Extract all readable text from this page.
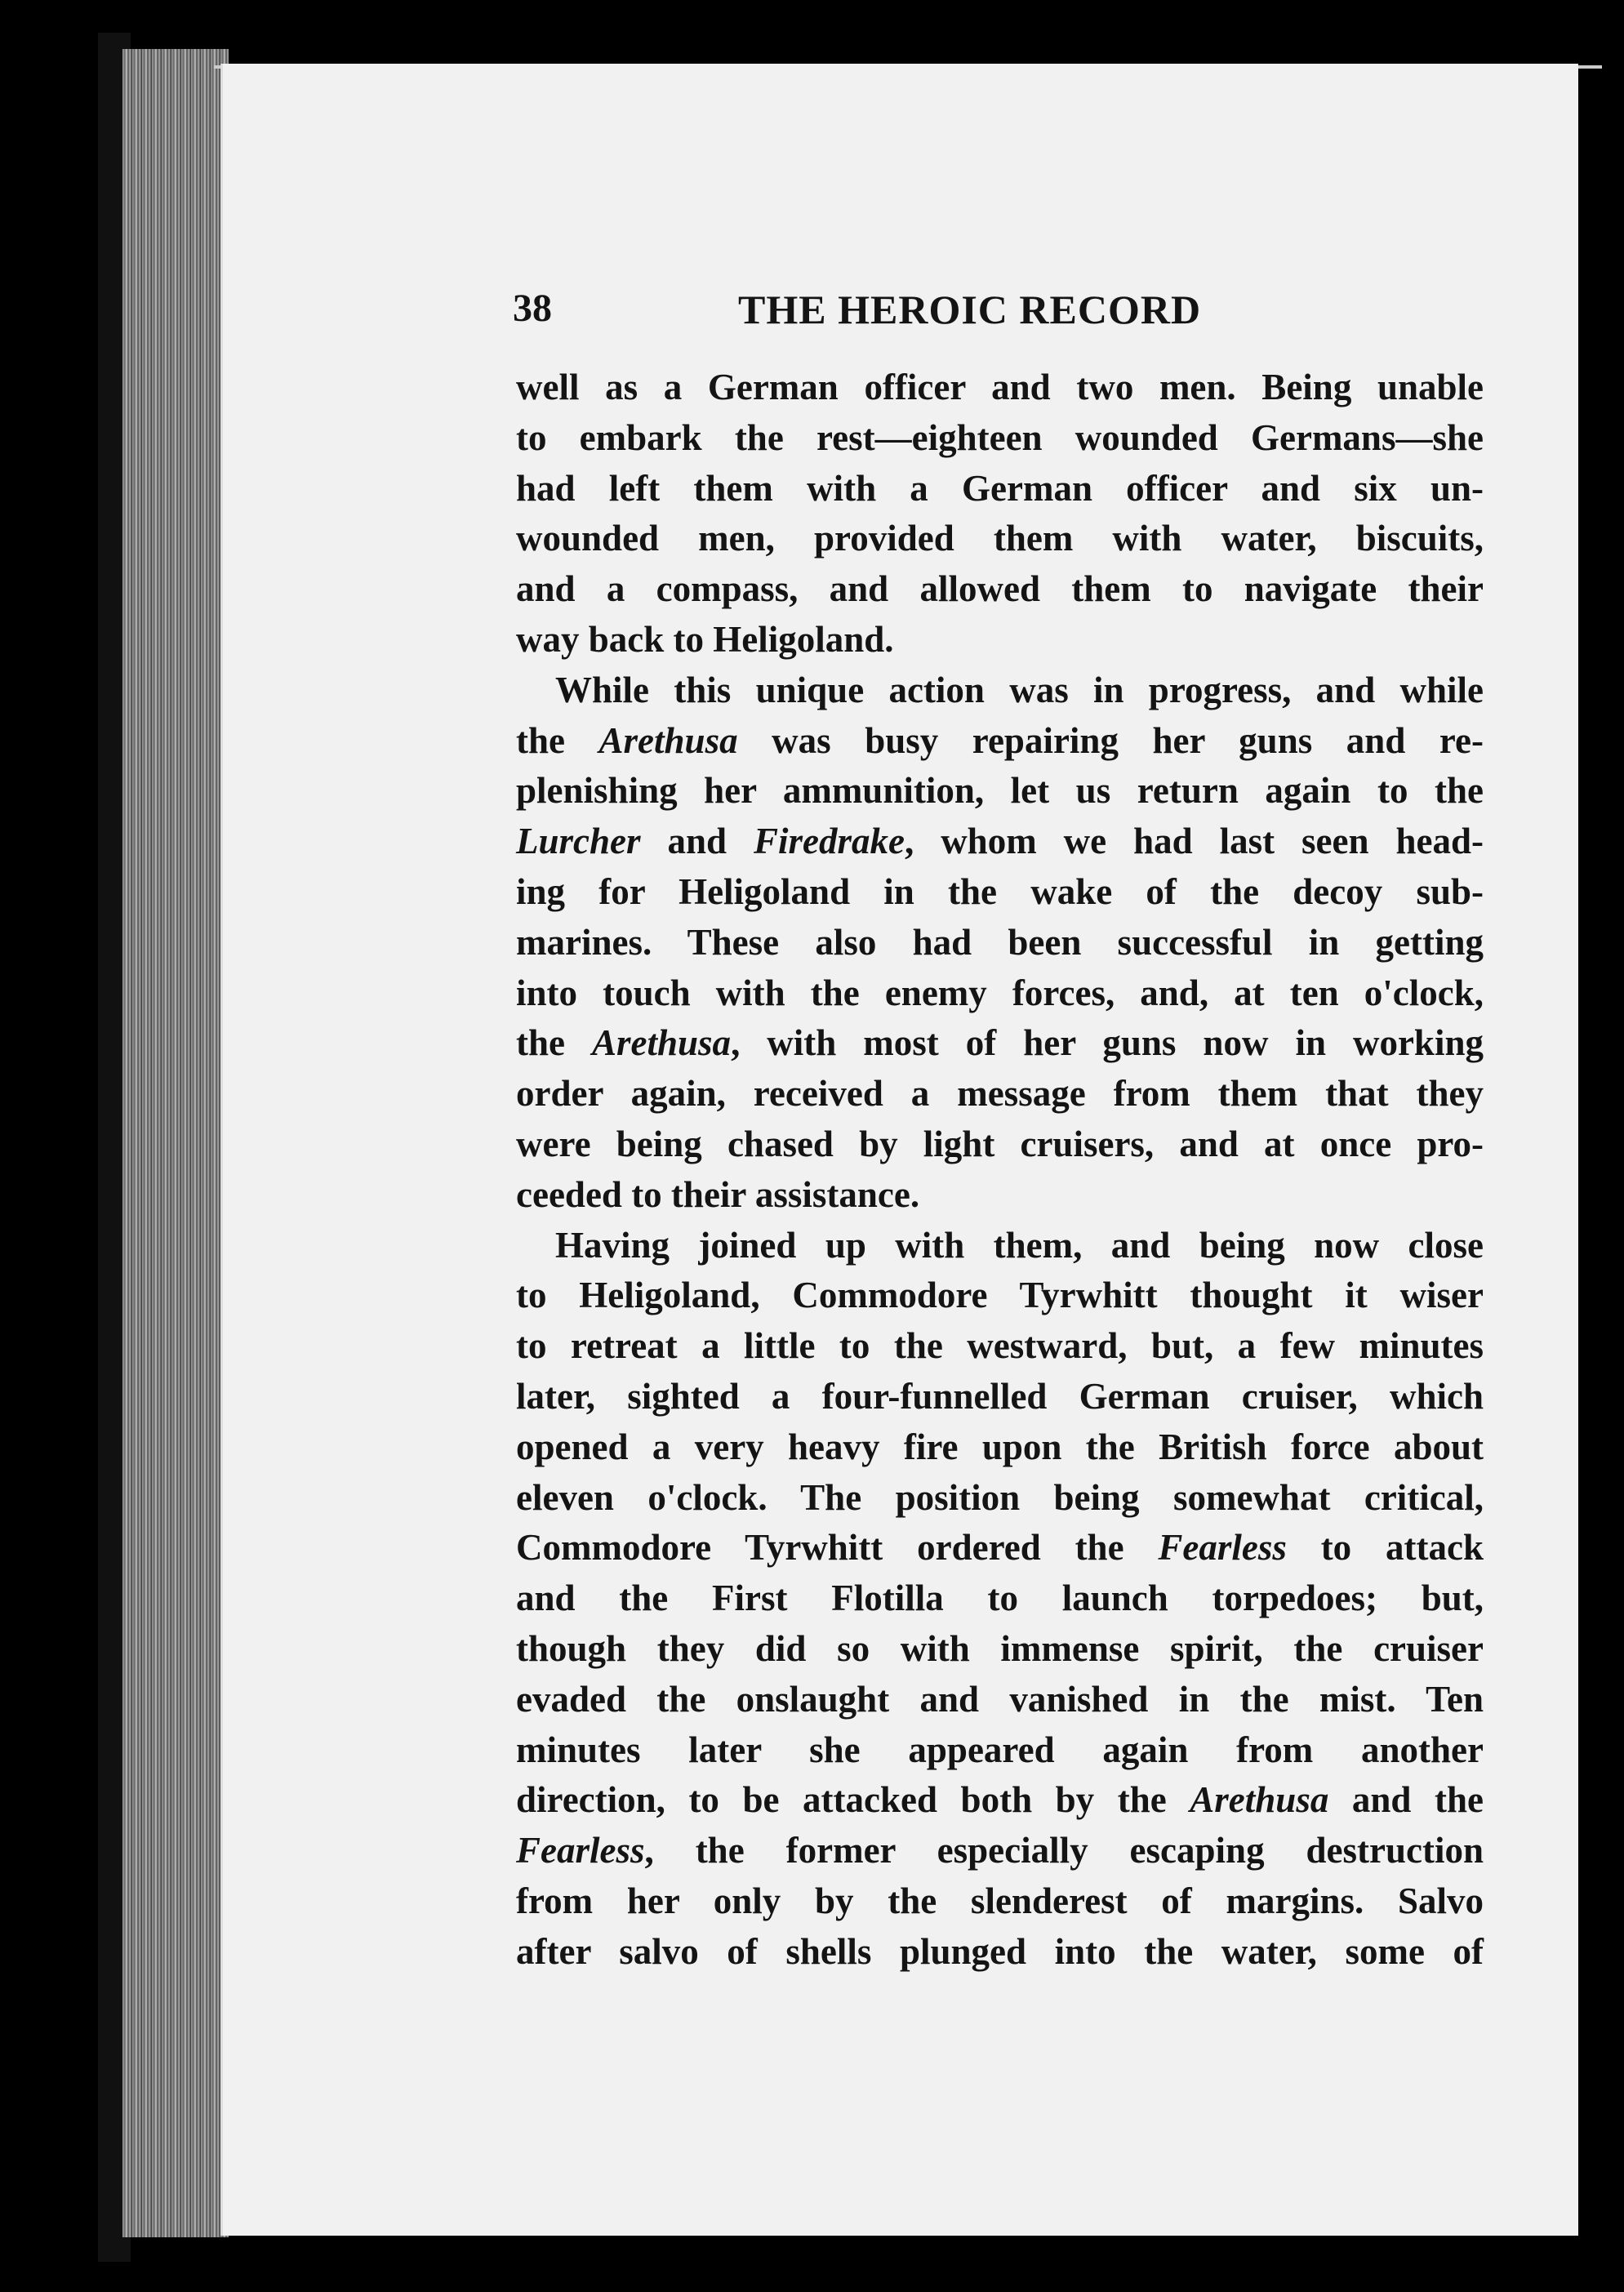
38	THE HEROIC RECORD
well as a German officer and two men. Being unable
to embark the rest—eighteen wounded Germans—she
had left them with a German officer and six un-
wounded men, provided them with water, biscuits,
and a compass, and allowed them to navigate their
way back to Heligoland.
While this unique action was in progress, and while
the Arethusa was busy repairing her guns and re-
plenishing her ammunition, let us return again to the
Lurcher and Firedrake, whom we had last seen head-
ing for Heligoland in the wake of the decoy sub-
marines. These also had been successful in getting
into touch with the enemy forces, and, at ten o'clock,
the Arethusa, with most of her guns now in working
order again, received a message from them that they
were being chased by light cruisers, and at once pro-
ceeded to their assistance.
Having joined up with them, and being now close
to Heligoland, Commodore Tyrwhitt thought it wiser
to retreat a little to the westward, but, a few minutes
later, sighted a four-funnelled German cruiser, which
opened a very heavy fire upon the British force about
eleven o'clock. The position being somewhat critical,
Commodore Tyrwhitt ordered the Fearless to attack
and the First Flotilla to launch torpedoes; but,
though they did so with immense spirit, the cruiser
evaded the onslaught and vanished in the mist. Ten
minutes later she appeared again from another
direction, to be attacked both by the Arethusa and the
Fearless, the former especially escaping destruction
from her only by the slenderest of margins. Salvo
after salvo of shells plunged into the water, some of
